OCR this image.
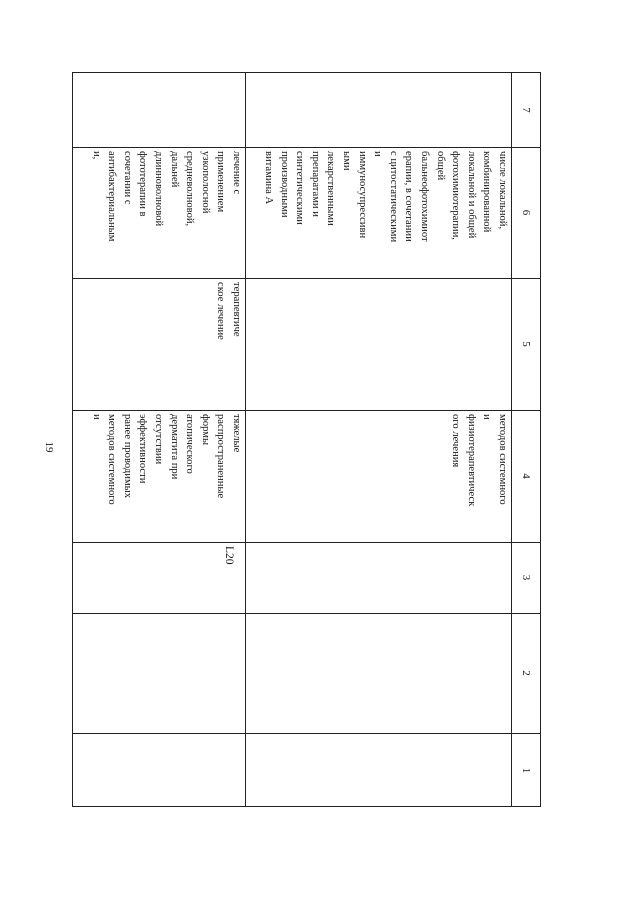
19
7
6
5
4
3
2
1
числе локальной,
комбинированной
локальной и общей
фотохимиотерапии,
общей
бальнеофотохимиот
ерапии, в сочетании
с цитостатическими
и
иммуносупрессивн
ыми
лекарственными
препаратами и
синтетическими
производными
витамина А
методов системного
и
физиотерапевтическ
ого лечения
лечение с
применением
узкополосной
средневолновой,
дальней
длинноволновой
фототерапии в
сочетании с
антибактериальным
и,
терапевтиче
ское лечение
тяжелые
распространенные
формы
атопического
дерматита при
отсутствии
эффективности
ранее проводимых
методов системного
и
L20
